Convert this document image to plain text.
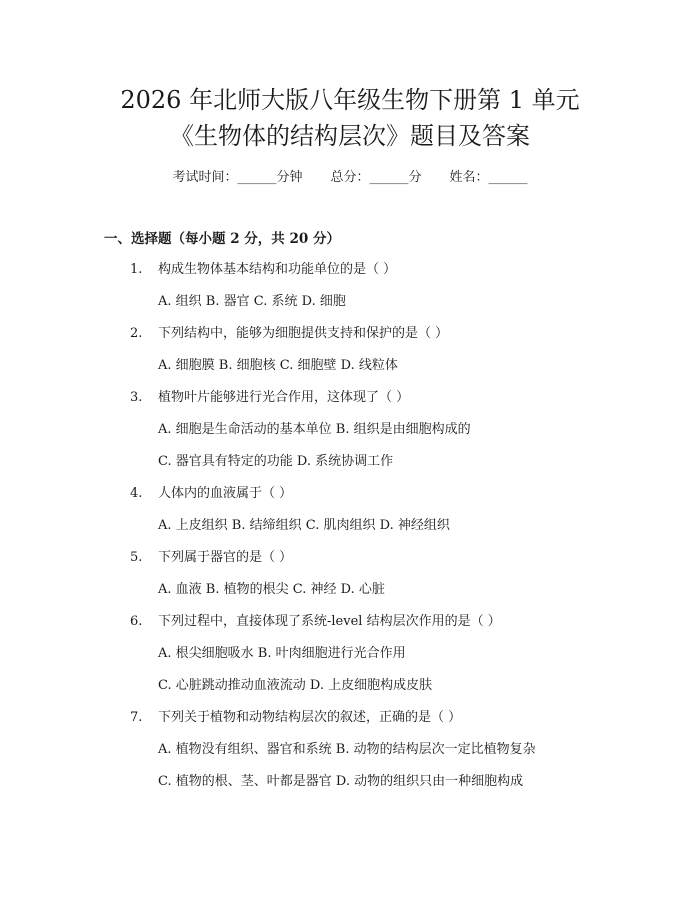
2026 年北师大版八年级生物下册第 1 单元
《生物体的结构层次》题目及答案
考试时间：______分钟 总分：______分 姓名：______
一、选择题（每小题 2 分，共 20 分）
1. 构成生物体基本结构和功能单位的是（ ）
A. 组织 B. 器官 C. 系统 D. 细胞
2. 下列结构中，能够为细胞提供支持和保护的是（ ）
A. 细胞膜 B. 细胞核 C. 细胞壁 D. 线粒体
3. 植物叶片能够进行光合作用，这体现了（ ）
A. 细胞是生命活动的基本单位 B. 组织是由细胞构成的
C. 器官具有特定的功能 D. 系统协调工作
4. 人体内的血液属于（ ）
A. 上皮组织 B. 结缔组织 C. 肌肉组织 D. 神经组织
5. 下列属于器官的是（ ）
A. 血液 B. 植物的根尖 C. 神经 D. 心脏
6. 下列过程中，直接体现了系统-level 结构层次作用的是（ ）
A. 根尖细胞吸水 B. 叶肉细胞进行光合作用
C. 心脏跳动推动血液流动 D. 上皮细胞构成皮肤
7. 下列关于植物和动物结构层次的叙述，正确的是（ ）
A. 植物没有组织、器官和系统 B. 动物的结构层次一定比植物复杂
C. 植物的根、茎、叶都是器官 D. 动物的组织只由一种细胞构成
